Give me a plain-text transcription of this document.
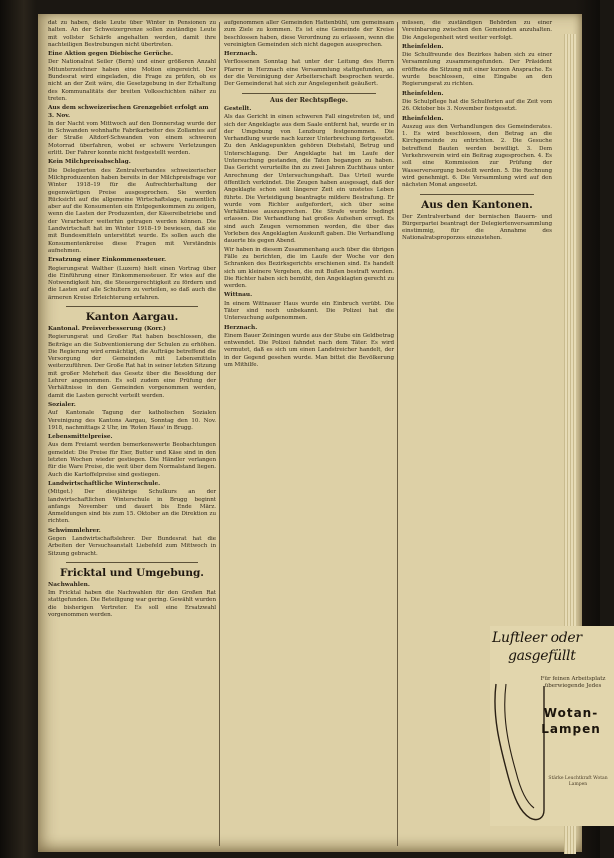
dat zu haben, diele Leute über Winter in Pensionen zu halten. An der Schweizergrenze sollen zuständige Leute mit vollster Schärfe angehalten werden, damit ihre nachteiligen Bestrebungen nicht übertreten.

Eine Aktion gegen Diebische Gerüche.

Der Nationalrat Seiler (Bern) und einer größeren Anzahl Mitunterzeichner haben eine Motion eingereicht. Der Bundesrat wird eingeladen, die Frage zu prüfen, ob es nicht an der Zeit wäre, die Gesetzgebung in der Erhaltung des Kommunalitäts der breiten Volksschichten näher zu treten.

Aus dem schweizerischen Grenzgebiet erfolgt am 3. Nov.

In der Nacht vom Mittwoch auf den Donnerstag wurde der in Schwanden wohnhafte Fabrikarbeiter des Zollamtes auf der Straße Altdorf-Schwanden von einem schweren Motorrad überfahren, wobei er schwere Verletzungen erlitt. Der Fahrer konnte nicht festgestellt werden.

Kein Milchpreisabschlag.

Die Delegierten des Zentralverbandes schweizerischer Milchproduzenten haben bereits in der Milchpreisfrage vor Winter 1918–19 für die Aufrechterhaltung der gegenwärtigen Preise ausgesprochen. Sie werden Rücksicht auf die allgemeine Wirtschaftslage, namentlich aber auf die Konsumenten ein Entgegenkommen zu zeigen, wenn die Lasten der Produzenten, der Käsereibetriebe und der Verarbeiter weiterhin getragen werden können. Die Landwirtschaft hat im Winter 1918–19 bewiesen, daß sie mit Bundesmitteln unterstützt wurde. Es sollen auch die Konsumentenkreise diese Fragen mit Verständnis aufnehmen.

Ersatzung einer Einkommenssteuer.

Regierungsrat Walther (Luzern) hielt einen Vortrag über die Einführung einer Einkommenssteuer. Er wies auf die Notwendigkeit hin, die Steuergerechtigkeit zu fördern und die Lasten auf alle Schultern zu verteilen, so daß auch die ärmeren Kreise Erleichterung erfahren.

Kanton Aargau.
Kantonal. Preisverbesserung (Korr.)

Regierungsrat und Großer Rat haben beschlossen, die Beiträge an die Subventionierung der Schulen zu erhöhen. Die Regierung wird ermächtigt, die Aufträge betreffend die Versorgung der Gemeinden mit Lebensmitteln weiterzuführen. Der Große Rat hat in seiner letzten Sitzung mit großer Mehrheit das Gesetz über die Besoldung der Lehrer angenommen. Es soll zudem eine Prüfung der Verhältnisse in den Gemeinden vorgenommen werden, damit die Lasten gerecht verteilt werden.

Sozialer.

Auf Kantonale Tagung der katholischen Sozialen Vereinigung des Kantons Aargau, Sonntag den 10. Nov. 1918, nachmittags 2 Uhr, im 'Roten Haus' in Brugg.

Lebensmittelpreise.

Aus dem Freiamt werden bemerkenswerte Beobachtungen gemeldet: Die Preise für Eier, Butter und Käse sind in den letzten Wochen wieder gestiegen. Die Händler verlangen für die Ware Preise, die weit über dem Normalstand liegen. Auch die Kartoffelpreise sind gestiegen.

Landwirtschaftliche Winterschule.

(Mitget.) Der diesjährige Schulkurs an der landwirtschaftlichen Winterschule in Brugg beginnt anfangs November und dauert bis Ende März. Anmeldungen sind bis zum 15. Oktober an die Direktion zu richten.

Schwimmlehrer.

Gegen Landwirtschaftslehrer. Der Bundesrat hat die Arbeiten der Versuchsanstalt Liebefeld zum Mittwoch in Sitzung gebracht.

Fricktal und Umgebung.
Nachwahlen.

Im Fricktal haben die Nachwahlen für den Großen Rat stattgefunden. Die Beteiligung war gering. Gewählt wurden die bisherigen Vertreter. Es soll eine Ersatzwahl vorgenommen werden.

aufgenommen aller Gemeinden Hattenbühl, um gemeinsam zum Ziele zu kommen. Es ist eine Gemeinde der Kreise beschlossen haben, diese Verordnung zu erlassen, wenn die vereinigten Gemeinden sich nicht dagegen aussprechen.

Herznach.

Verflossenen Sonntag hat unter der Leitung des Herrn Pfarrer in Herznach eine Versammlung stattgefunden, an der die Vereinigung der Arbeiterschaft besprochen wurde. Der Gemeinderat hat sich zur Angelegenheit geäußert.

Aus der Rechtspflege.
Gestellt.

Als das Gericht in einen schweren Fall eingetreten ist, und sich der Angeklagte aus dem Saale entfernt hat, wurde er in der Umgebung von Lenzburg festgenommen. Die Verhandlung wurde nach kurzer Unterbrechung fortgesetzt. Zu den Anklagepunkten gehören Diebstahl, Betrug und Unterschlagung. Der Angeklagte hat im Laufe der Untersuchung gestanden, die Taten begangen zu haben. Das Gericht verurteilte ihn zu zwei Jahren Zuchthaus unter Anrechnung der Untersuchungshaft. Das Urteil wurde öffentlich verkündet. Die Zeugen haben ausgesagt, daß der Angeklagte schon seit längerer Zeit ein unstetes Leben führte. Die Verteidigung beantragte mildere Bestrafung. Er wurde vom Richter aufgefordert, sich über seine Verhältnisse auszusprechen. Die Strafe wurde bedingt erlassen. Die Verhandlung hat großes Aufsehen erregt. Es sind auch Zeugen vernommen worden, die über das Vorleben des Angeklagten Auskunft gaben. Die Verhandlung dauerte bis gegen Abend.

Wir haben in diesem Zusammenhang auch über die übrigen Fälle zu berichten, die im Laufe der Woche vor den Schranken des Bezirksgerichts erschienen sind. Es handelt sich um kleinere Vergehen, die mit Bußen bestraft wurden. Die Richter haben sich bemüht, den Angeklagten gerecht zu werden.

Wittnau.

In einem Wittnauer Haus wurde ein Einbruch verübt. Die Täter sind noch unbekannt. Die Polizei hat die Untersuchung aufgenommen.

Herznach.

Einem Bauer Zeiningen wurde aus der Stube ein Geldbetrag entwendet. Die Polizei fahndet nach dem Täter. Es wird vermutet, daß es sich um einen Landstreicher handelt, der in der Gegend gesehen wurde. Man bittet die Bevölkerung um Mithilfe.

müssen, die zuständigen Behörden zu einer Vereinbarung zwischen den Gemeinden anzuhalten. Die Angelegenheit wird weiter verfolgt.

Rheinfelden.

Die Schulfreunde des Bezirkes haben sich zu einer Versammlung zusammengefunden. Der Präsident eröffnete die Sitzung mit einer kurzen Ansprache. Es wurde beschlossen, eine Eingabe an den Regierungsrat zu richten.

Rheinfelden.

Die Schulpflege hat die Schulferien auf die Zeit vom 26. Oktober bis 3. November festgesetzt.

Rheinfelden.

Auszug aus den Verhandlungen des Gemeinderates. 1. Es wird beschlossen, den Betrag an die Kirchgemeinde zu entrichten. 2. Die Gesuche betreffend Bauten werden bewilligt. 3. Dem Verkehrsverein wird ein Beitrag zugesprochen. 4. Es soll eine Kommission zur Prüfung der Wasserversorgung bestellt werden. 5. Die Rechnung wird genehmigt. 6. Die Versammlung wird auf den nächsten Monat angesetzt.

Aus den Kantonen.

Der Zentralverband der bernischen Bauern- und Bürgerpartei beantragt der Delegiertenversammlung einstimmig, für die Annahme des Nationalratsproporzes einzustehen.

Luftleer oder
gasgefüllt
Für feinen Arbeitsplatz
überwiegende Jedes
Wotan-
Lampen
Stärke Leuchtkraft Wotan Lampen
